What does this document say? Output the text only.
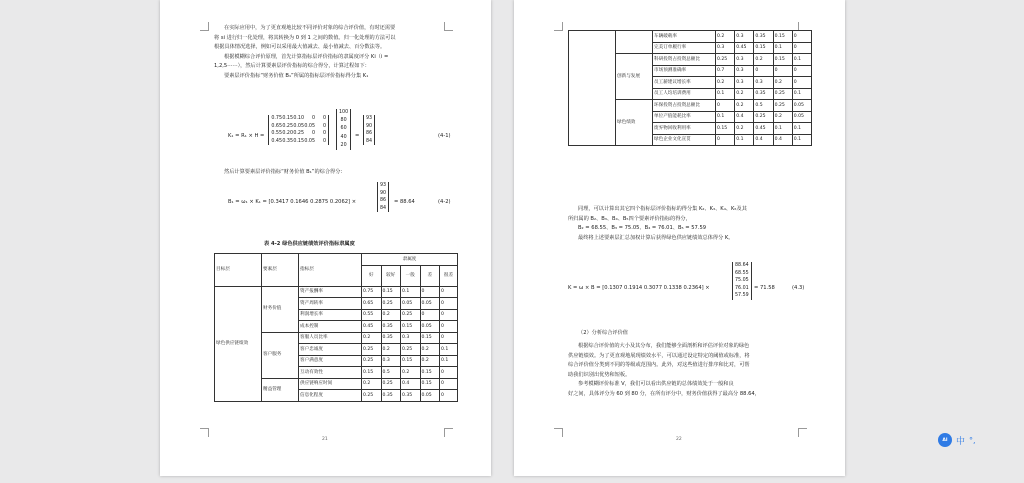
在实际应用中，为了更直观地比较不同评价对象的综合评价值，有时还需要

将 si 进行归一化处理，将其转换为 0 到 1 之间的数值。归一化处理的方法可以

根据具体情况选择，例如可以采用最大值减去、最小值减去、百分数法等。

根据模糊综合评价原理，首先计算指标层评价指标的隶属度评分 Ki（i =

1,2,5⋯⋯），然后计算要素层评价指标的综合得分，计算过程如下：

要素层评价指标“财务价值 B₁”所属的指标层评价指标得分集 K₁

K₁ = R₁ × H =
0.750.150.10 0 0
0.650.250.050.05 0
0.550.200.25 0 0
0.450.350.150.05 0
100
80
60
40
20
=
93
90
86
84
(4-1)
然后计算要素层评价指标“财务价值 B₁”的综合得分：
B₁ = ω₁ × K₁ = [0.3417 0.1646 0.2875 0.2062] ×
93
90
86
84
= 88.64	(4-2)
表 4-2 绿色供应链绩效评价指标隶属度
目标层	要素层	指标层	隶属度				
			好	较好	一般	差	很差
绿色供应链绩效	财务价值	资产报酬率	0.75	0.15	0.1	0	0
		资产周转率	0.65	0.25	0.05	0.05	0
		利润增长率	0.55	0.2	0.25	0	0
		成本控制	0.45	0.35	0.15	0.05	0
	客户服务	客服人员比率	0.2	0.35	0.3	0.15	0
		客户忠诚度	0.25	0.2	0.25	0.2	0.1
		客户满意度	0.25	0.3	0.15	0.2	0.1
		互动有效性	0.15	0.5	0.2	0.15	0
	精益管理	供应链响应时间	0.2	0.25	0.4	0.15	0
		信息化程度	0.25	0.35	0.35	0.05	0
21
		车辆破载率	0.2	0.3	0.35	0.15	0
		完美订单履行率	0.3	0.45	0.15	0.1	0
	创新与发展	科研投资占投资总额比	0.25	0.3	0.2	0.15	0.1
		市场预测准确率	0.7	0.3	0	0	0
		员工薪建议增长率	0.2	0.3	0.3	0.2	0
		员工人均培训费用	0.1	0.2	0.35	0.25	0.1
	绿色绩效	环保投资占投资总额比	0	0.2	0.5	0.25	0.05
		单位产值能耗比率	0.1	0.4	0.25	0.2	0.05
		废弃物回收利用率	0.15	0.2	0.45	0.1	0.1
		绿色企业文化宣贯	0	0.1	0.4	0.4	0.1

同理，可以计算出其它四个指标层评价指标的得分集 K₂、K₃、K₄、K₅及其

所归属的 B₂、B₃、B₄、B₅四个要素评价指标的得分，

B₂ = 68.55、B₃ = 75.05、B₄ = 76.01、B₅ = 57.59

最终将上述要素层汇总加权计算后获得绿色供应链绩效总体得分 K。

K = ω × B = [0.1307 0.1914 0.3077 0.1338 0.2364] ×
88.64
68.55
75.05
76.01
57.59
= 71.58	(4.3)
（2）分析综合评价值

根据综合评价值的大小及其分布，我们能够全面剖析和评估评价对象的绿色

供应链绩效。为了更直观地展现绩效水平，可以通过设定特定的阈值或标准，将

综合评价值分类到不同的等级或范围内。此外，对这些值进行排序和比对，可帮

助我们识别出优势和短板。

参考模糊评价标准 V，我们可以看出供应链的总体绩效处于一般和良

好之间，具体评分为 60 到 80 分，在所有评分中，财务价值获得了最高分 88.64，

22	AI 中 °,
